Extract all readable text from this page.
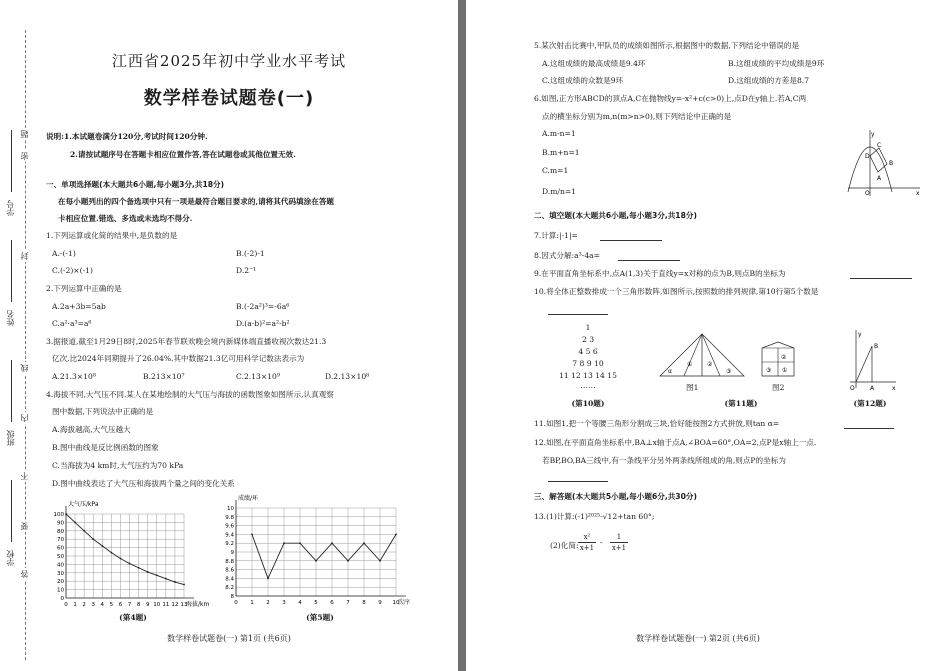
密
封
线
内
不
要
答
题
学校
班级
姓名
学号
江西省2025年初中学业水平考试
数学样卷试题卷(一)
说明:1.本试题卷满分120分,考试时间120分钟.
2.请按试题序号在答题卡相应位置作答,答在试题卷或其他位置无效.
一、单项选择题(本大题共6小题,每小题3分,共18分)
在每小题列出的四个备选项中只有一项是最符合题目要求的,请将其代码填涂在答题
卡相应位置.错选、多选或未选均不得分.
1.下列运算或化简的结果中,是负数的是
A.-(-1)	B.(-2)-1
C.(-2)×(-1)	D.2⁻¹
2.下列运算中正确的是
A.2a+3b=5ab	B.(-2a²)³=-6a⁶
C.a²·a³=a⁶	D.(a-b)²=a²-b²
3.据报道,截至1月29日8时,2025年春节联欢晚会境内新媒体端直播收视次数达21.3
亿次,比2024年同期提升了26.04%.其中数据21.3亿可用科学记数法表示为
A.21.3×10⁸	B.213×10⁷	C.2.13×10⁹	D.2.13×10⁸
4.海拔不同,大气压不同.某人在某地绘制的大气压与海拔的函数图象如图所示,认真观察
图中数据,下列说法中正确的是
A.海拔越高,大气压越大
B.图中曲线是反比例函数的图象
C.当海拔为4 km时,大气压约为70 kPa
D.图中曲线表达了大气压和海拔两个量之间的变化关系
0
10
20
30
40
50
60
70
80
90
100
0 1 2 3 4 5 6 7 8 9 10 11 12 13
大气压/kPa
海拔/km
(第4题)
8
8.2
8.4
8.6
8.8
9
9.2
9.4
9.6
9.8
10
0 1 2 3 4 5 6 7 8 9 10
成绩/环
次序
(第5题)
数学样卷试题卷(一) 第1页 (共6页)
5.某次射击比赛中,甲队员的成绩如图所示,根据图中的数据,下列结论中错误的是
A.这组成绩的最高成绩是9.4环	B.这组成绩的平均成绩是9环
C.这组成绩的众数是9环	D.这组成绩的方差是8.7
6.如图,正方形ABCD的顶点A,C在抛物线y=-x²+c(c>0)上,点D在y轴上.若A,C两
点的横坐标分别为m,n(m>n>0),则下列结论中正确的是
A.m-n=1
B.m+n=1
C.m=1
D.m/n=1
y
x
O
C
D
B
A
二、填空题(本大题共6小题,每小题3分,共18分)
7.计算:|-1|=
8.因式分解:a³-4a=
9.在平面直角坐标系中,点A(1,3)关于直线y=x对称的点为B,则点B的坐标为
10.将全体正整数排成一个三角形数阵,如图所示,按照数的排列规律,第10行第5个数是
1
2 3
4 5 6
7 8 9 10
11 12 13 14 15
……
(第10题)
α
① ②
③
②
③ ①
图1	图2
(第11题)
y
x
O	A
B
(第12题)
11.如图1,把一个等腰三角形分割成三块,恰好能按图2方式拼放,则tan α=
12.如图,在平面直角坐标系中,BA⊥x轴于点A,∠BOA=60°,OA=2,点P是x轴上一点.
若BP,BO,BA三线中,有一条线平分另外两条线所组成的角,则点P的坐标为
三、解答题(本大题共5小题,每小题6分,共30分)
13.(1)计算:(-1)²⁰²⁵-√12+tan 60°;
(2)化简:
x²
x+1
-
1
x+1
数学样卷试题卷(一) 第2页 (共6页)
